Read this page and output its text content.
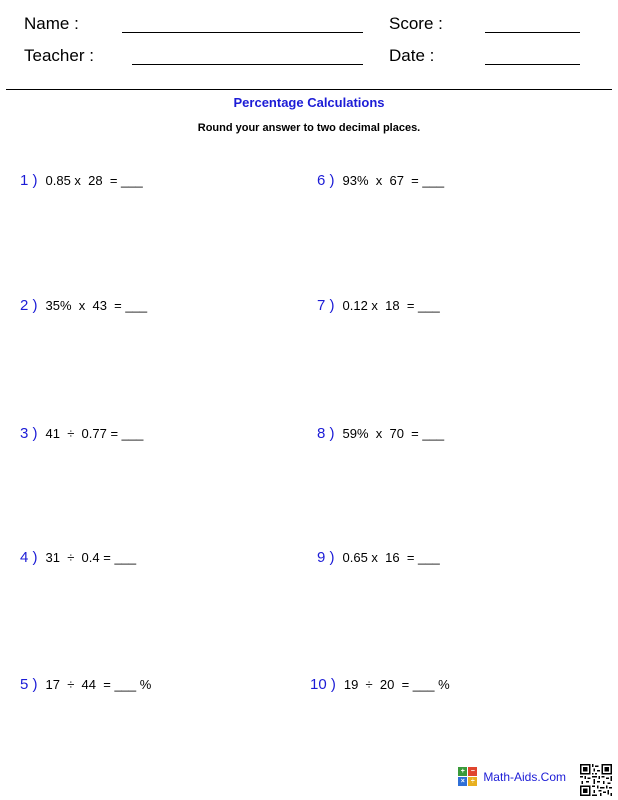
Name :
Teacher :
Score :
Date :
Percentage Calculations
Round your answer to two decimal places.
1 ) 0.85 x  28  = ___
2 ) 35%  x  43  = ___
3 ) 41  ÷  0.77 = ___
4 ) 31  ÷  0.4 = ___
5 ) 17  ÷  44  = ___ %
6 ) 93%  x  67  = ___
7 ) 0.12 x  18  = ___
8 ) 59%  x  70  = ___
9 ) 0.65 x  16  = ___
10 ) 19  ÷  20  = ___ %
+ −
× ÷ Math-Aids.Com
